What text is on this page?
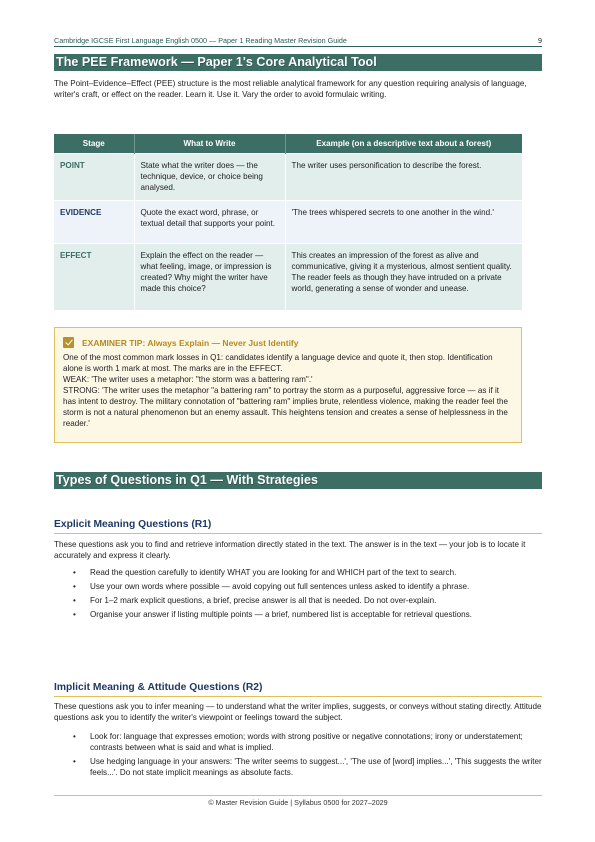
Cambridge IGCSE First Language English 0500 — Paper 1 Reading Master Revision Guide	9
The PEE Framework — Paper 1's Core Analytical Tool
The Point–Evidence–Effect (PEE) structure is the most reliable analytical framework for any question requiring analysis of language, writer's craft, or effect on the reader. Learn it. Use it. Vary the order to avoid formulaic writing.
Stage	What to Write	Example (on a descriptive text about a forest)
POINT	State what the writer does — the technique, device, or choice being analysed.	The writer uses personification to describe the forest.
EVIDENCE	Quote the exact word, phrase, or textual detail that supports your point.	'The trees whispered secrets to one another in the wind.'
EFFECT	Explain the effect on the reader — what feeling, image, or impression is created? Why might the writer have made this choice?	This creates an impression of the forest as alive and communicative, giving it a mysterious, almost sentient quality. The reader feels as though they have intruded on a private world, generating a sense of wonder and unease.
EXAMINER TIP: Always Explain — Never Just Identify
One of the most common mark losses in Q1: candidates identify a language device and quote it, then stop. Identification alone is worth 1 mark at most. The marks are in the EFFECT.
WEAK: 'The writer uses a metaphor: "the storm was a battering ram".'
STRONG: 'The writer uses the metaphor "a battering ram" to portray the storm as a purposeful, aggressive force — as if it has intent to destroy. The military connotation of "battering ram" implies brute, relentless violence, making the reader feel the storm is not a natural phenomenon but an enemy assault. This heightens tension and creates a sense of helplessness in the reader.'
Types of Questions in Q1 — With Strategies
Explicit Meaning Questions (R1)
These questions ask you to find and retrieve information directly stated in the text. The answer is in the text — your job is to locate it accurately and express it clearly.
• Read the question carefully to identify WHAT you are looking for and WHICH part of the text to search.
• Use your own words where possible — avoid copying out full sentences unless asked to identify a phrase.
• For 1–2 mark explicit questions, a brief, precise answer is all that is needed. Do not over-explain.
• Organise your answer if listing multiple points — a brief, numbered list is acceptable for retrieval questions.
Implicit Meaning & Attitude Questions (R2)
These questions ask you to infer meaning — to understand what the writer implies, suggests, or conveys without stating directly. Attitude questions ask you to identify the writer's viewpoint or feelings toward the subject.
• Look for: language that expresses emotion; words with strong positive or negative connotations; irony or understatement; contrasts between what is said and what is implied.
• Use hedging language in your answers: 'The writer seems to suggest...', 'The use of [word] implies...', 'This suggests the writer feels...'. Do not state implicit meanings as absolute facts.
© Master Revision Guide | Syllabus 0500 for 2027–2029
